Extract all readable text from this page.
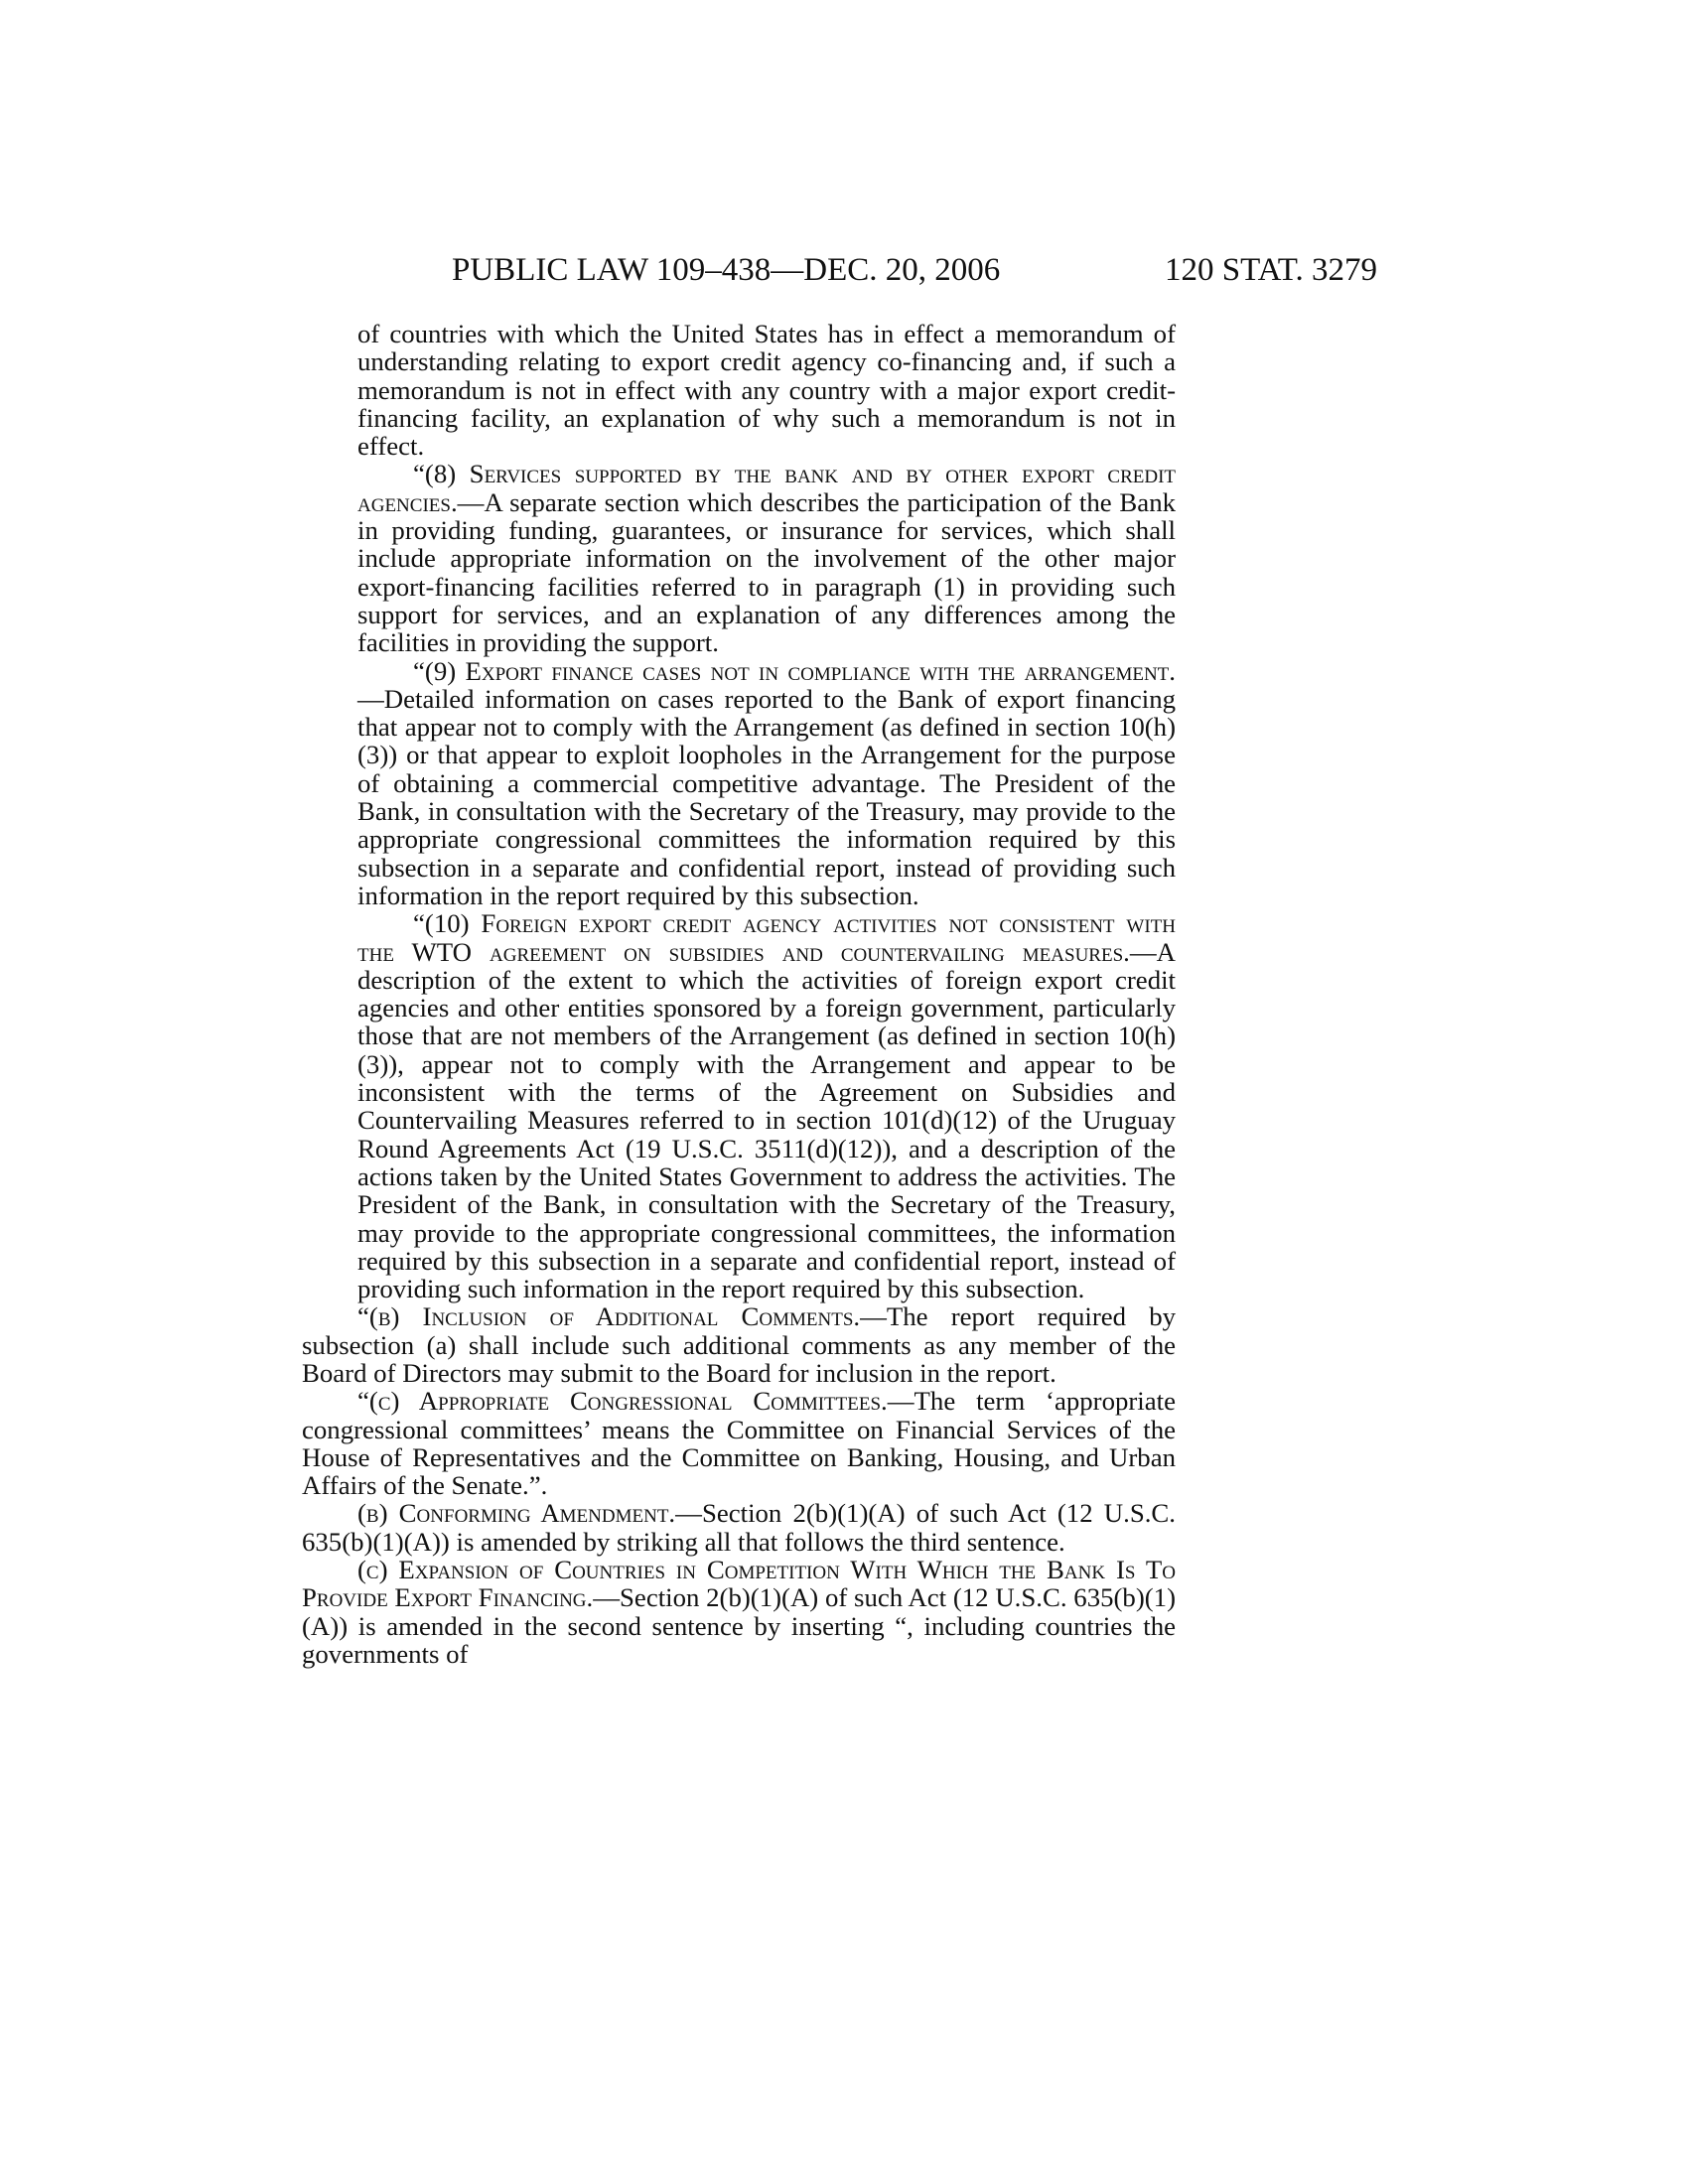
PUBLIC LAW 109–438—DEC. 20, 2006	120 STAT. 3279

of countries with which the United States has in effect a memorandum of understanding relating to export credit agency co-financing and, if such a memorandum is not in effect with any country with a major export credit-financing facility, an explanation of why such a memorandum is not in effect.

“(8) Services supported by the bank and by other export credit agencies.—A separate section which describes the participation of the Bank in providing funding, guarantees, or insurance for services, which shall include appropriate information on the involvement of the other major export-financing facilities referred to in paragraph (1) in providing such support for services, and an explanation of any differences among the facilities in providing the support.

“(9) Export finance cases not in compliance with the arrangement.—Detailed information on cases reported to the Bank of export financing that appear not to comply with the Arrangement (as defined in section 10(h)(3)) or that appear to exploit loopholes in the Arrangement for the purpose of obtaining a commercial competitive advantage. The President of the Bank, in consultation with the Secretary of the Treasury, may provide to the appropriate congressional committees the information required by this subsection in a separate and confidential report, instead of providing such information in the report required by this subsection.

“(10) Foreign export credit agency activities not consistent with the WTO agreement on subsidies and countervailing measures.—A description of the extent to which the activities of foreign export credit agencies and other entities sponsored by a foreign government, particularly those that are not members of the Arrangement (as defined in section 10(h)(3)), appear not to comply with the Arrangement and appear to be inconsistent with the terms of the Agreement on Subsidies and Countervailing Measures referred to in section 101(d)(12) of the Uruguay Round Agreements Act (19 U.S.C. 3511(d)(12)), and a description of the actions taken by the United States Government to address the activities. The President of the Bank, in consultation with the Secretary of the Treasury, may provide to the appropriate congressional committees, the information required by this subsection in a separate and confidential report, instead of providing such information in the report required by this subsection.

“(b) Inclusion of Additional Comments.—The report required by subsection (a) shall include such additional comments as any member of the Board of Directors may submit to the Board for inclusion in the report.

“(c) Appropriate Congressional Committees.—The term ‘appropriate congressional committees’ means the Committee on Financial Services of the House of Representatives and the Committee on Banking, Housing, and Urban Affairs of the Senate.”.

(b) Conforming Amendment.—Section 2(b)(1)(A) of such Act (12 U.S.C. 635(b)(1)(A)) is amended by striking all that follows the third sentence.

(c) Expansion of Countries in Competition With Which the Bank Is To Provide Export Financing.—Section 2(b)(1)(A) of such Act (12 U.S.C. 635(b)(1)(A)) is amended in the second sentence by inserting “, including countries the governments of
